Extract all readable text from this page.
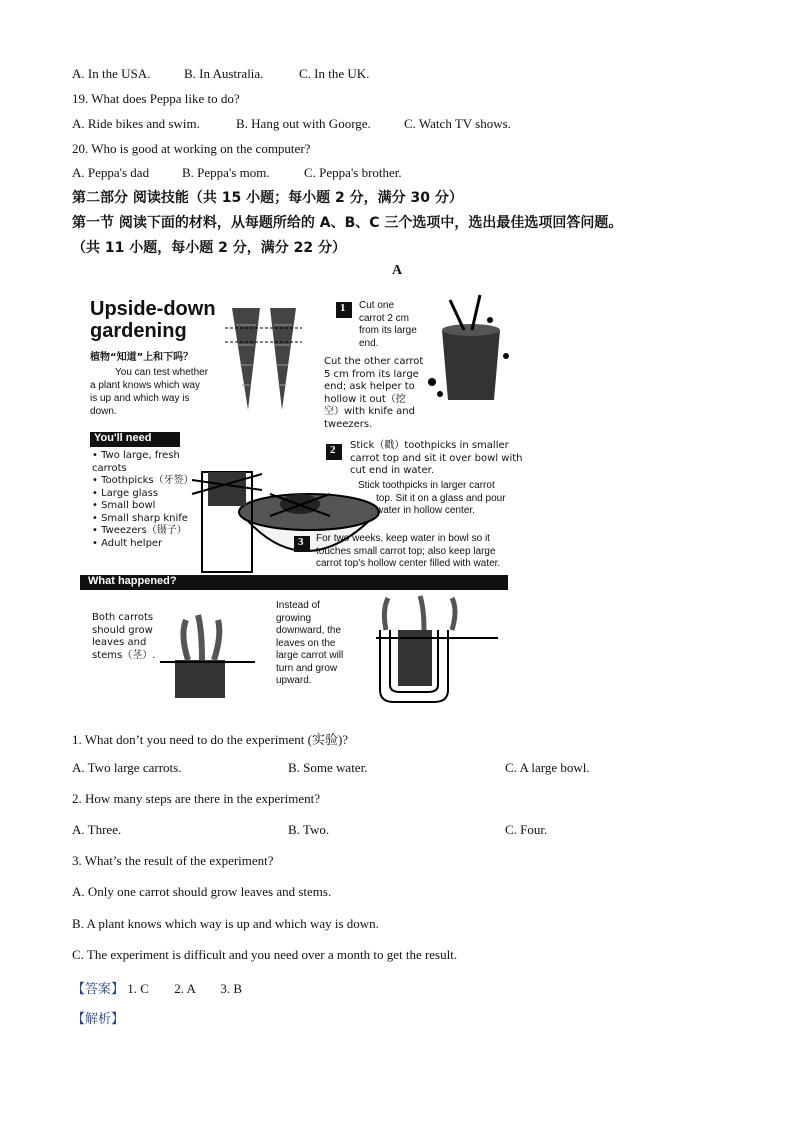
A. In the USA.	B. In Australia.	C. In the UK.
19. What does Peppa like to do?
A. Ride bikes and swim.	B. Hang out with Goorge.	C. Watch TV shows.
20. Who is good at working on the computer?
A. Peppa's dad	B. Peppa's mom.	C. Peppa's brother.
第二部分 阅读技能（共 15 小题；每小题 2 分，满分 30 分）
第一节 阅读下面的材料，从每题所给的 A、B、C 三个选项中，选出最佳选项回答问题。
（共 11 小题，每小题 2 分，满分 22 分）
A
Upside-down
gardening
植物“知道”上和下吗？
You can test whether
a plant knows which way
is up and which way is
down.
You'll need
• Two large, fresh
carrots
• Toothpicks（牙签）
• Large glass
• Small bowl
• Small sharp knife
• Tweezers（镊子）
• Adult helper
1 Cut one
carrot 2 cm
from its large
end.
Cut the other carrot
5 cm from its large
end; ask helper to
hollow it out（挖
空）with knife and
tweezers.
2 Stick（戳）toothpicks in smaller
carrot top and sit it over bowl with
cut end in water.
Stick toothpicks in larger carrot
top. Sit it on a glass and pour
water in hollow center.
3 For two weeks, keep water in bowl so it
touches small carrot top; also keep large
carrot top's hollow center filled with water.
What happened?
Both carrots
should grow
leaves and
stems（茎）.
Instead of
growing
downward, the
leaves on the
large carrot will
turn and grow
upward.
1. What don’t you need to do the experiment (实验)?
A. Two large carrots.	B. Some water.	C. A large bowl.
2. How many steps are there in the experiment?
A. Three.	B. Two.	C. Four.
3. What’s the result of the experiment?
A. Only one carrot should grow leaves and stems.
B. A plant knows which way is up and which way is down.
C. The experiment is difficult and you need over a month to get the result.
【答案】 1. C 2. A 3. B
【解析】
